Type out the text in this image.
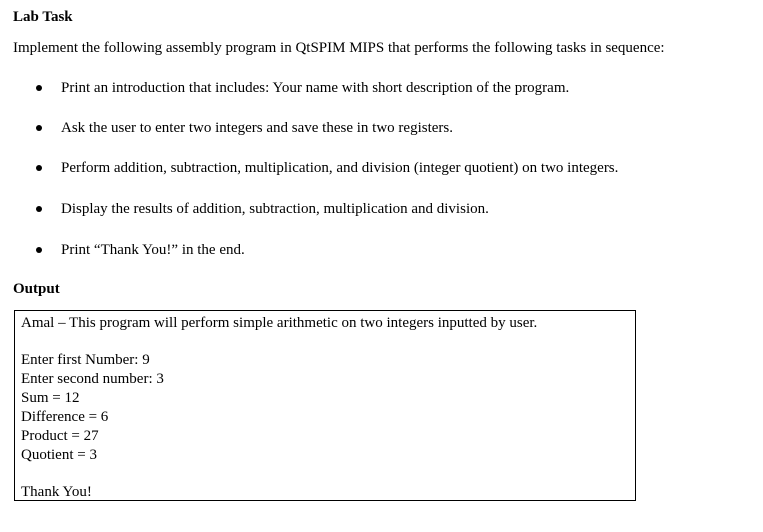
Lab Task

Implement the following assembly program in QtSPIM MIPS that performs the following tasks in sequence:

Print an introduction that includes: Your name with short description of the program.
Ask the user to enter two integers and save these in two registers.
Perform addition, subtraction, multiplication, and division (integer quotient) on two integers.
Display the results of addition, subtraction, multiplication and division.
Print “Thank You!” in the end.
Output

Amal – This program will perform simple arithmetic on two integers inputted by user.

Enter first Number: 9

Enter second number: 3

Sum = 12

Difference = 6

Product = 27

Quotient = 3

Thank You!
